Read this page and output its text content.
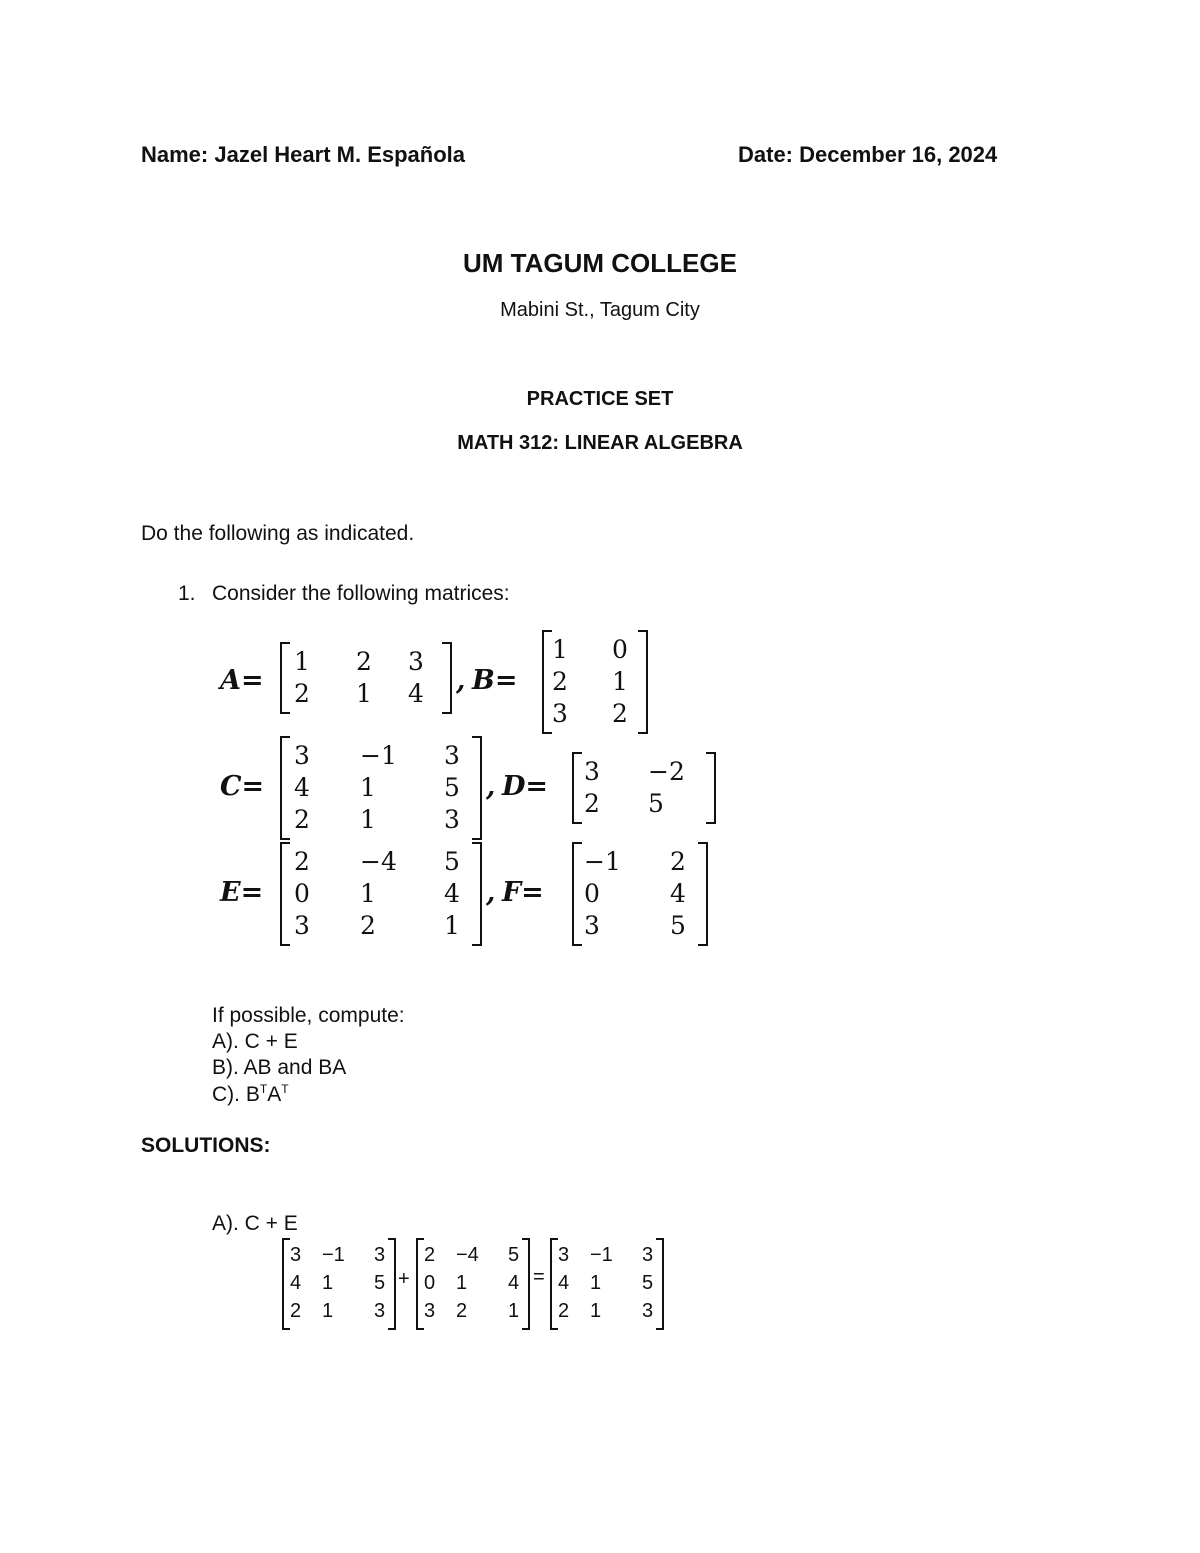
Name: Jazel Heart M. Española	Date: December 16, 2024
UM TAGUM COLLEGE
Mabini St., Tagum City
PRACTICE SET
MATH 312: LINEAR ALGEBRA
Do the following as indicated.
1. Consider the following matrices:
A=
1 2 3
2 1 4 , B=
1 0
2 1
3 2
C=
3 −1 3
4 1	5
2 1	3
, D= 3 −2
2 5
E=
2 −4 5
0 1	4
3 2	1
, F=
−1 2
0	4
3	5
If possible, compute:
A). C + E
B). AB and BA
C). $B^TA^T$
SOLUTIONS:
A). C + E
3 −1 3
4 1 5
2 1 3
+
2 −4 5
0 1 4
3 2 1
=
3 −1 3
4 1 5
2 1 3
